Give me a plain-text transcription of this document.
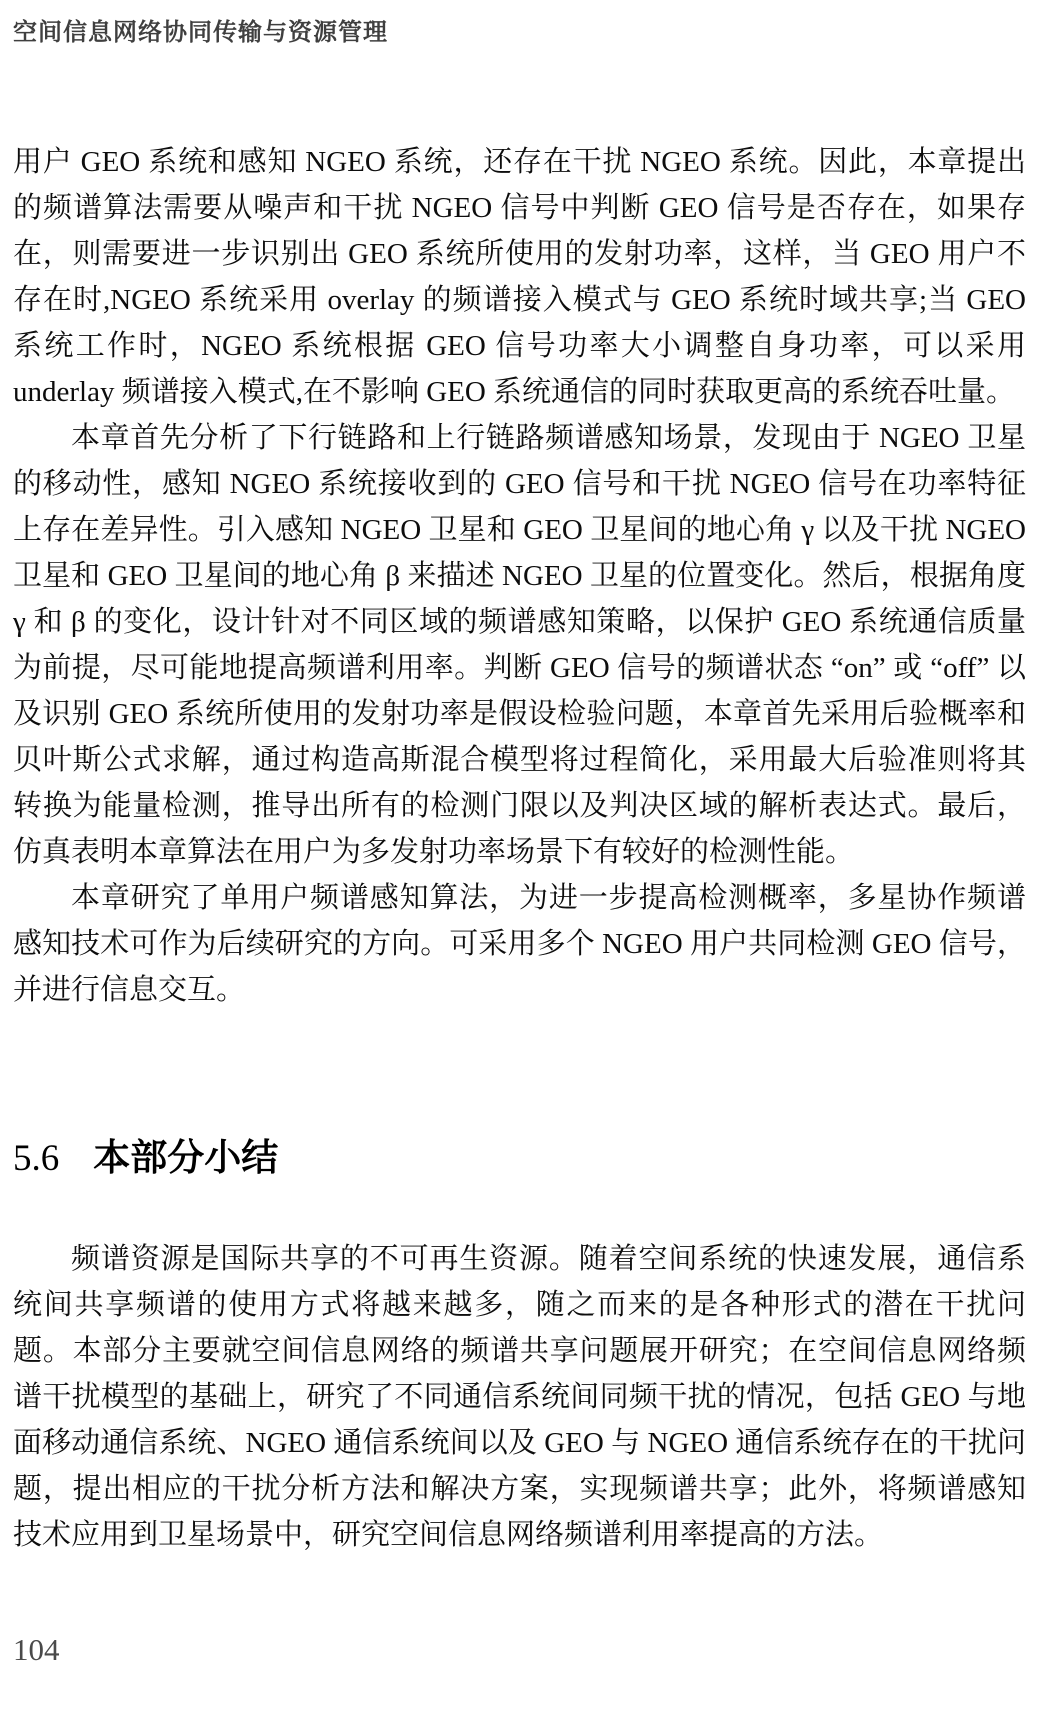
空间信息网络协同传输与资源管理

用户 GEO 系统和感知 NGEO 系统，还存在干扰 NGEO 系统。因此，本章提出的频谱算法需要从噪声和干扰 NGEO 信号中判断 GEO 信号是否存在，如果存在，则需要进一步识别出 GEO 系统所使用的发射功率，这样，当 GEO 用户不存在时,NGEO 系统采用 overlay 的频谱接入模式与 GEO 系统时域共享;当 GEO 系统工作时，NGEO 系统根据 GEO 信号功率大小调整自身功率，可以采用 underlay 频谱接入模式,在不影响 GEO 系统通信的同时获取更高的系统吞吐量。

本章首先分析了下行链路和上行链路频谱感知场景，发现由于 NGEO 卫星的移动性，感知 NGEO 系统接收到的 GEO 信号和干扰 NGEO 信号在功率特征上存在差异性。引入感知 NGEO 卫星和 GEO 卫星间的地心角 γ 以及干扰 NGEO 卫星和 GEO 卫星间的地心角 β 来描述 NGEO 卫星的位置变化。然后，根据角度 γ 和 β 的变化，设计针对不同区域的频谱感知策略，以保护 GEO 系统通信质量为前提，尽可能地提高频谱利用率。判断 GEO 信号的频谱状态 “on” 或 “off” 以及识别 GEO 系统所使用的发射功率是假设检验问题，本章首先采用后验概率和贝叶斯公式求解，通过构造高斯混合模型将过程简化，采用最大后验准则将其转换为能量检测，推导出所有的检测门限以及判决区域的解析表达式。最后，仿真表明本章算法在用户为多发射功率场景下有较好的检测性能。

本章研究了单用户频谱感知算法，为进一步提高检测概率，多星协作频谱感知技术可作为后续研究的方向。可采用多个 NGEO 用户共同检测 GEO 信号，并进行信息交互。

5.6 本部分小结

频谱资源是国际共享的不可再生资源。随着空间系统的快速发展，通信系统间共享频谱的使用方式将越来越多，随之而来的是各种形式的潜在干扰问题。本部分主要就空间信息网络的频谱共享问题展开研究；在空间信息网络频谱干扰模型的基础上，研究了不同通信系统间同频干扰的情况，包括 GEO 与地面移动通信系统、NGEO 通信系统间以及 GEO 与 NGEO 通信系统存在的干扰问题，提出相应的干扰分析方法和解决方案，实现频谱共享；此外，将频谱感知技术应用到卫星场景中，研究空间信息网络频谱利用率提高的方法。

104
